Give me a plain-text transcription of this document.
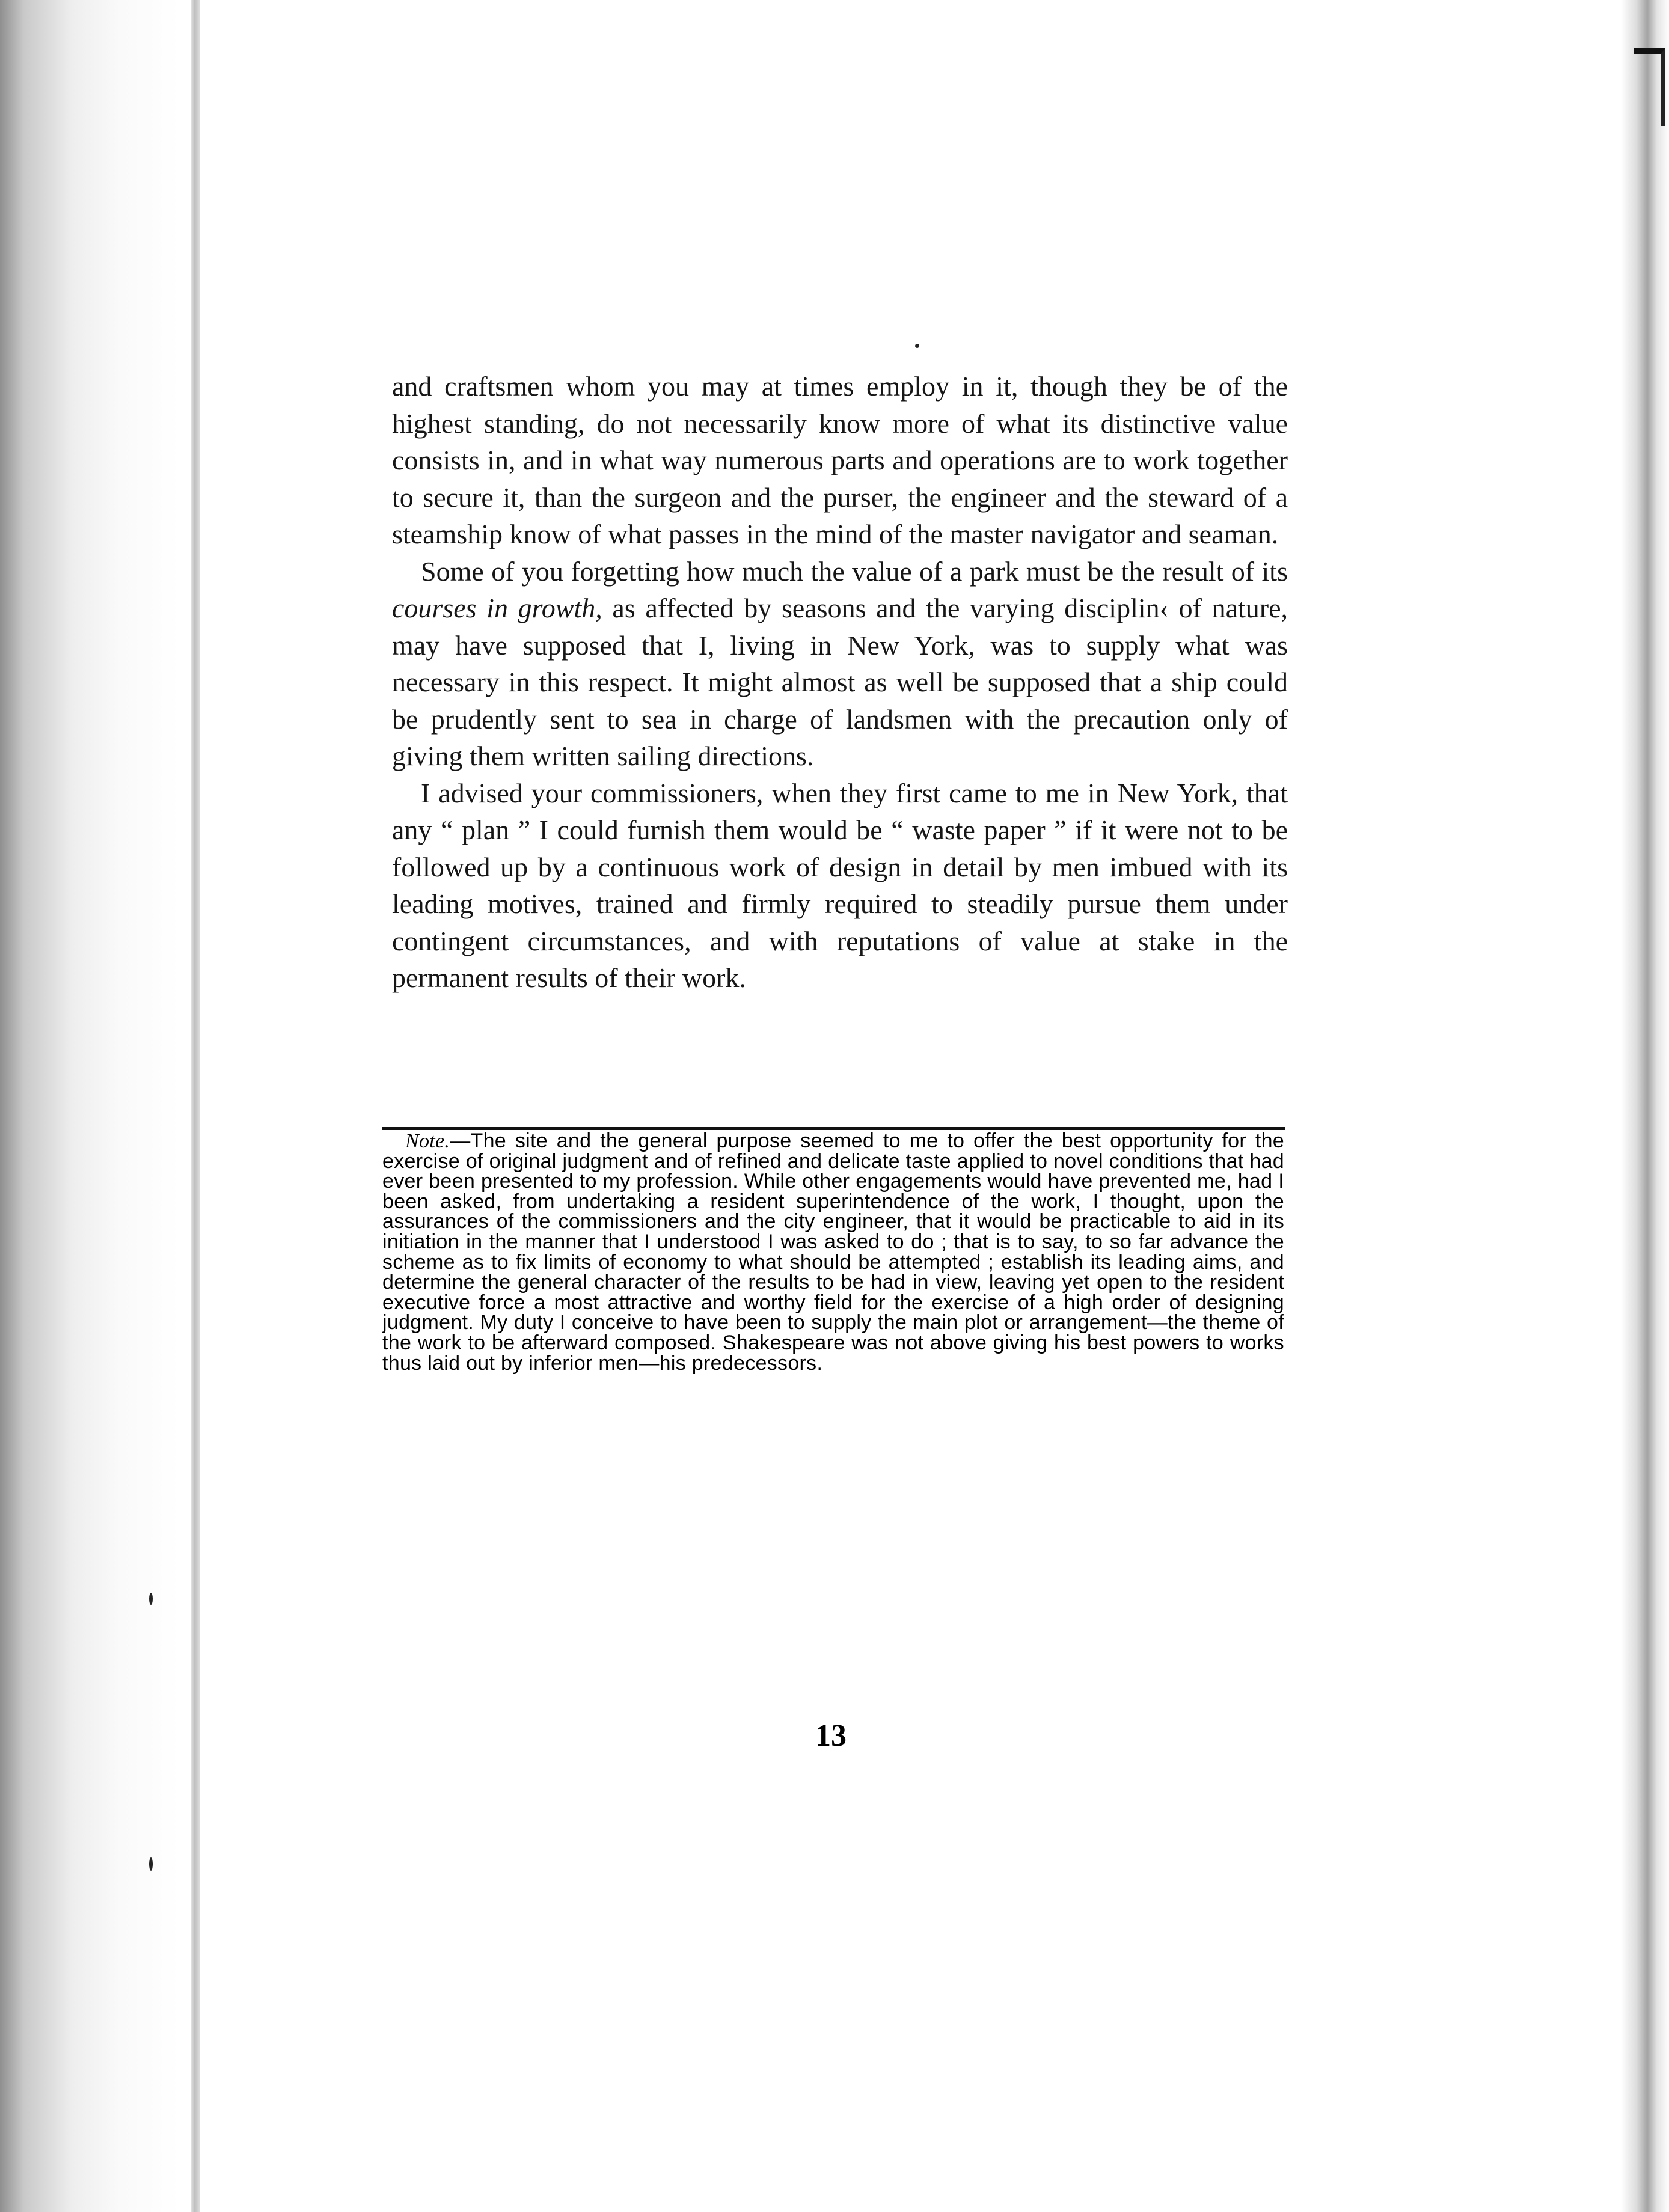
and craftsmen whom you may at times employ in it, though they be of the highest standing, do not necessarily know more of what its distinctive value consists in, and in what way numerous parts and operations are to work together to secure it, than the surgeon and the purser, the engineer and the steward of a steamship know of what passes in the mind of the master navigator and seaman.

Some of you forgetting how much the value of a park must be the result of its courses in growth, as affected by seasons and the varying disciplin‹ of nature, may have supposed that I, living in New York, was to supply what was necessary in this respect. It might almost as well be supposed that a ship could be prudently sent to sea in charge of landsmen with the precaution only of giving them written sailing directions.

I advised your commissioners, when they first came to me in New York, that any “ plan ” I could furnish them would be “ waste paper ” if it were not to be followed up by a continuous work of design in detail by men imbued with its leading motives, trained and firmly required to steadily pursue them under contingent circumstances, and with reputations of value at stake in the permanent results of their work.

Note.—The site and the general purpose seemed to me to offer the best opportunity for the exercise of original judgment and of refined and delicate taste applied to novel conditions that had ever been presented to my profession. While other engagements would have prevented me, had I been asked, from undertaking a resident superintendence of the work, I thought, upon the assurances of the commissioners and the city engineer, that it would be practicable to aid in its initiation in the manner that I understood I was asked to do ; that is to say, to so far advance the scheme as to fix limits of economy to what should be attempted ; establish its leading aims, and determine the general character of the results to be had in view, leaving yet open to the resident executive force a most attractive and worthy field for the exercise of a high order of designing judgment. My duty I conceive to have been to supply the main plot or arrangement—the theme of the work to be afterward composed. Shakespeare was not above giving his best powers to works thus laid out by inferior men—his predecessors.

13
